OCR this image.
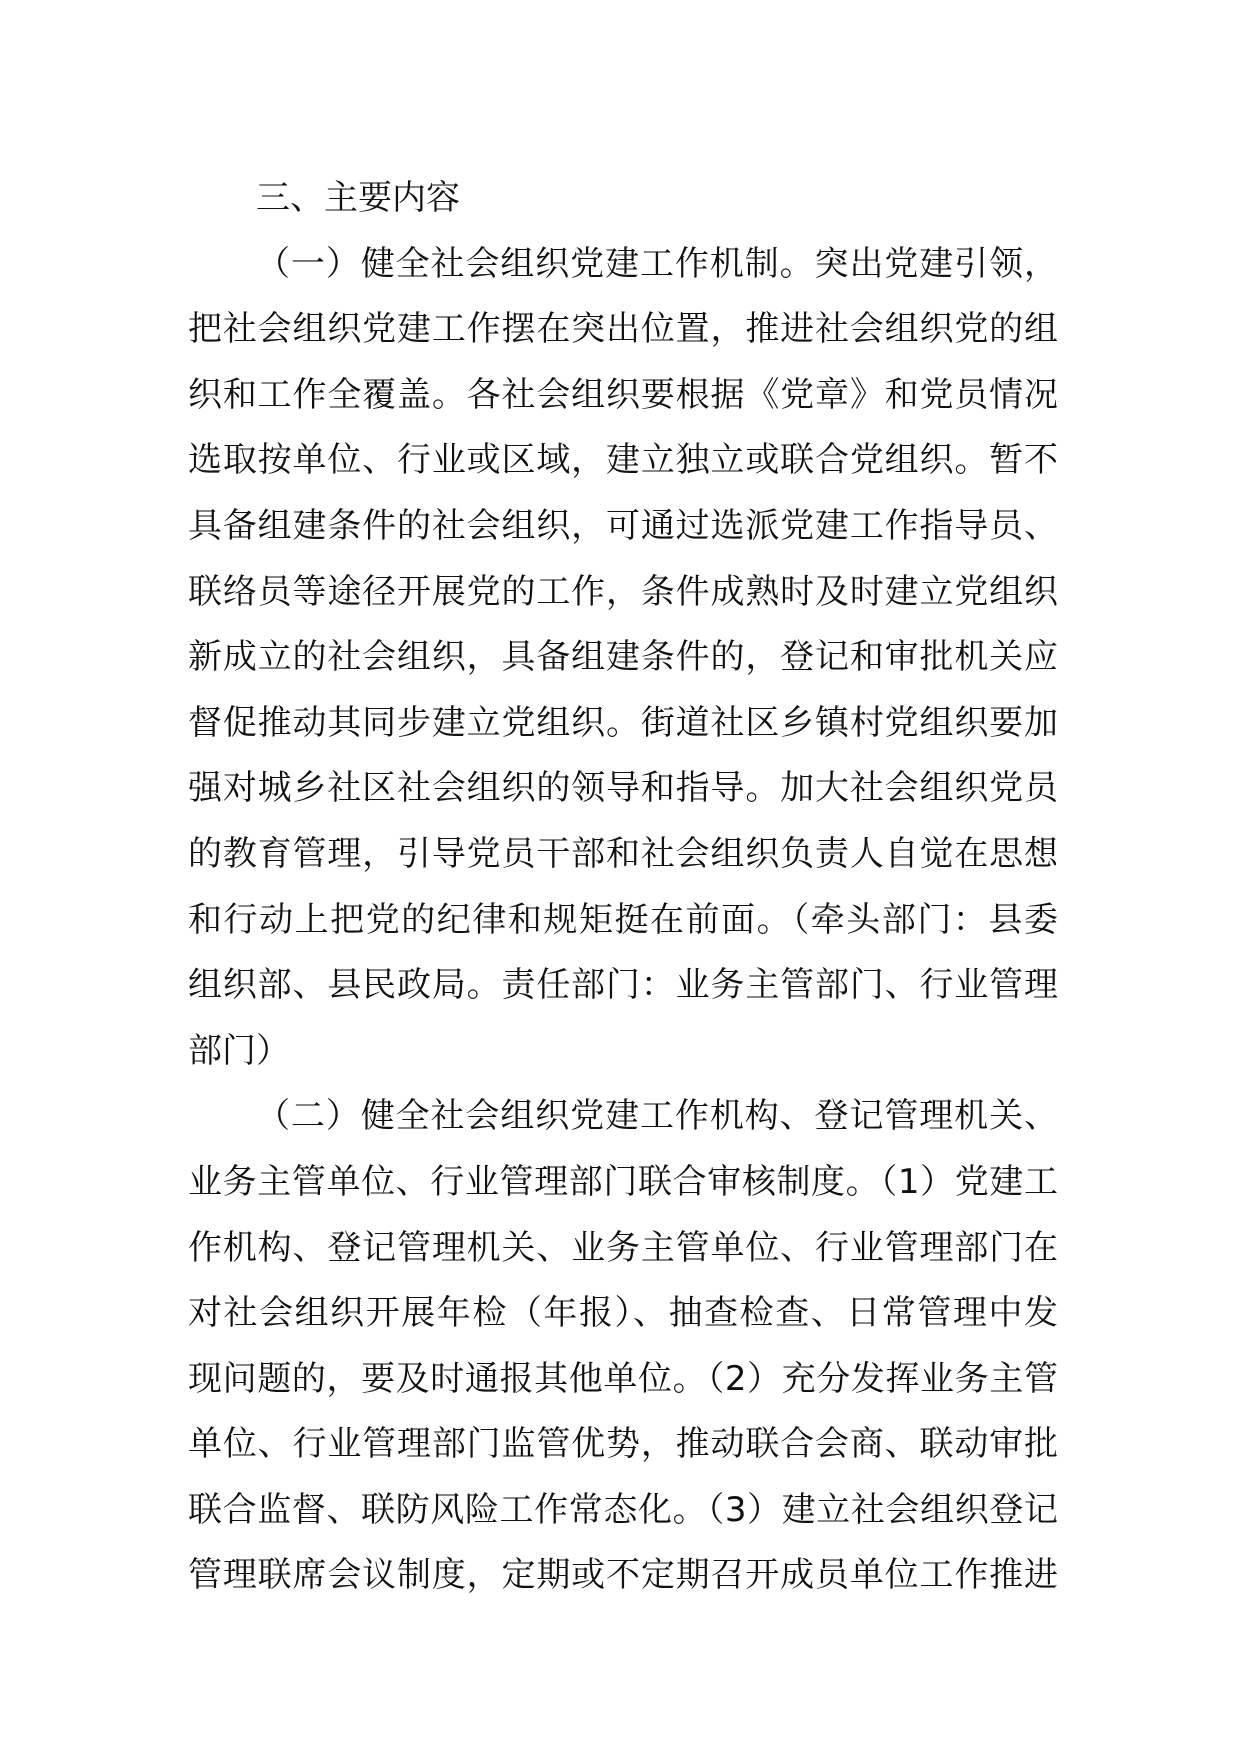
三、主要内容
（一）健全社会组织党建工作机制。突出党建引领，
把社会组织党建工作摆在突出位置，推进社会组织党的组
织和工作全覆盖。各社会组织要根据《党章》和党员情况
选取按单位、行业或区域，建立独立或联合党组织。暂不
具备组建条件的社会组织，可通过选派党建工作指导员、
联络员等途径开展党的工作，条件成熟时及时建立党组织
新成立的社会组织，具备组建条件的，登记和审批机关应
督促推动其同步建立党组织。街道社区乡镇村党组织要加
强对城乡社区社会组织的领导和指导。加大社会组织党员
的教育管理，引导党员干部和社会组织负责人自觉在思想
和行动上把党的纪律和规矩挺在前面。（牵头部门：县委
组织部、县民政局。责任部门：业务主管部门、行业管理
部门）
（二）健全社会组织党建工作机构、登记管理机关、
业务主管单位、行业管理部门联合审核制度。（1）党建工
作机构、登记管理机关、业务主管单位、行业管理部门在
对社会组织开展年检（年报）、抽查检查、日常管理中发
现问题的，要及时通报其他单位。（2）充分发挥业务主管
单位、行业管理部门监管优势，推动联合会商、联动审批
联合监督、联防风险工作常态化。（3）建立社会组织登记
管理联席会议制度，定期或不定期召开成员单位工作推进
